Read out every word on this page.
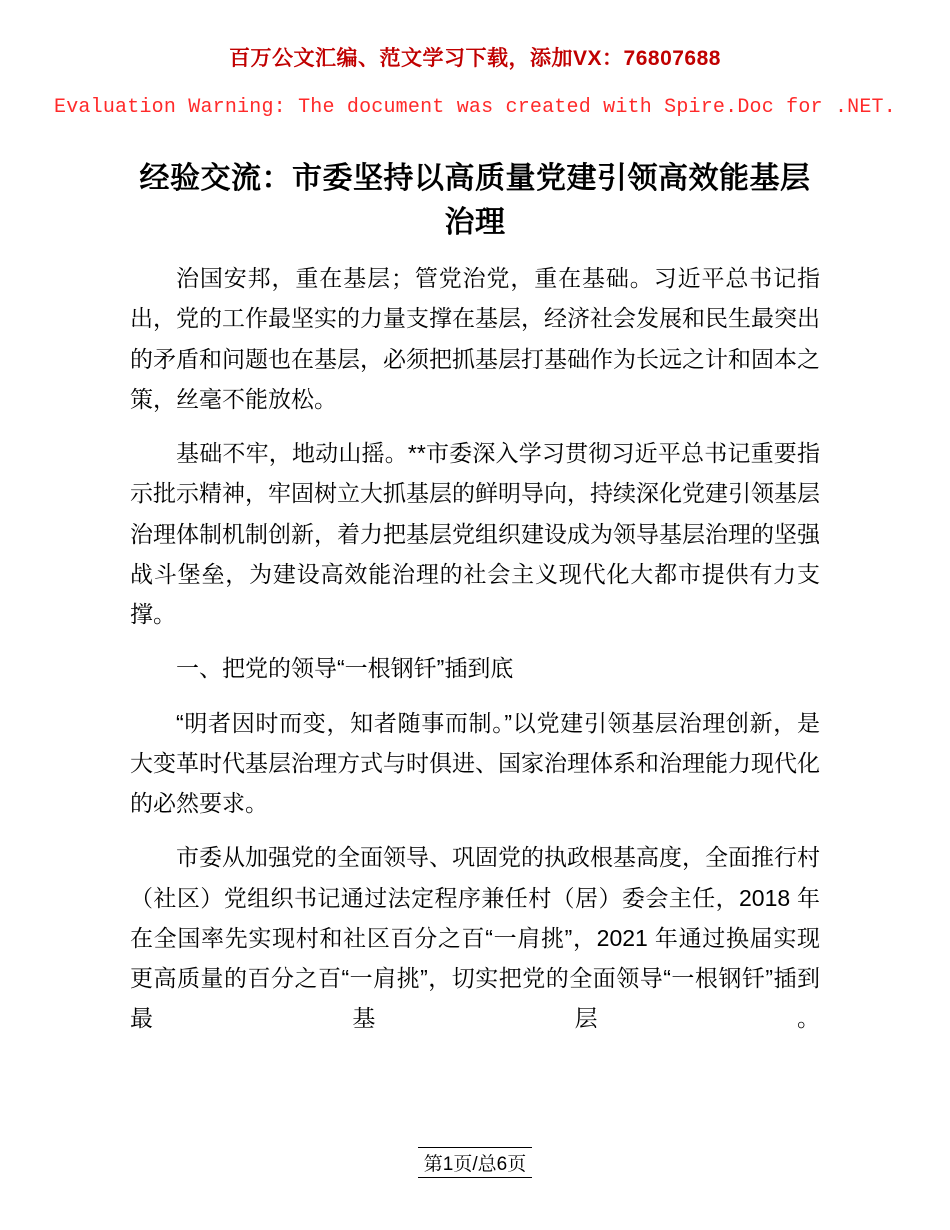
百万公文汇编、范文学习下载，添加VX：76807688
Evaluation Warning: The document was created with Spire.Doc for .NET.
经验交流：市委坚持以高质量党建引领高效能基层治理

治国安邦，重在基层；管党治党，重在基础。习近平总书记指出，党的工作最坚实的力量支撑在基层，经济社会发展和民生最突出的矛盾和问题也在基层，必须把抓基层打基础作为长远之计和固本之策，丝毫不能放松。

基础不牢，地动山摇。**市委深入学习贯彻习近平总书记重要指示批示精神，牢固树立大抓基层的鲜明导向，持续深化党建引领基层治理体制机制创新，着力把基层党组织建设成为领导基层治理的坚强战斗堡垒，为建设高效能治理的社会主义现代化大都市提供有力支撑。

一、把党的领导“一根钢钎”插到底

“明者因时而变，知者随事而制。”以党建引领基层治理创新，是大变革时代基层治理方式与时俱进、国家治理体系和治理能力现代化的必然要求。

市委从加强党的全面领导、巩固党的执政根基高度，全面推行村（社区）党组织书记通过法定程序兼任村（居）委会主任，2018 年在全国率先实现村和社区百分之百“一肩挑”，2021 年通过换届实现更高质量的百分之百“一肩挑”，切实把党的全面领导“一根钢钎”插到最基层。

第1页/总6页
